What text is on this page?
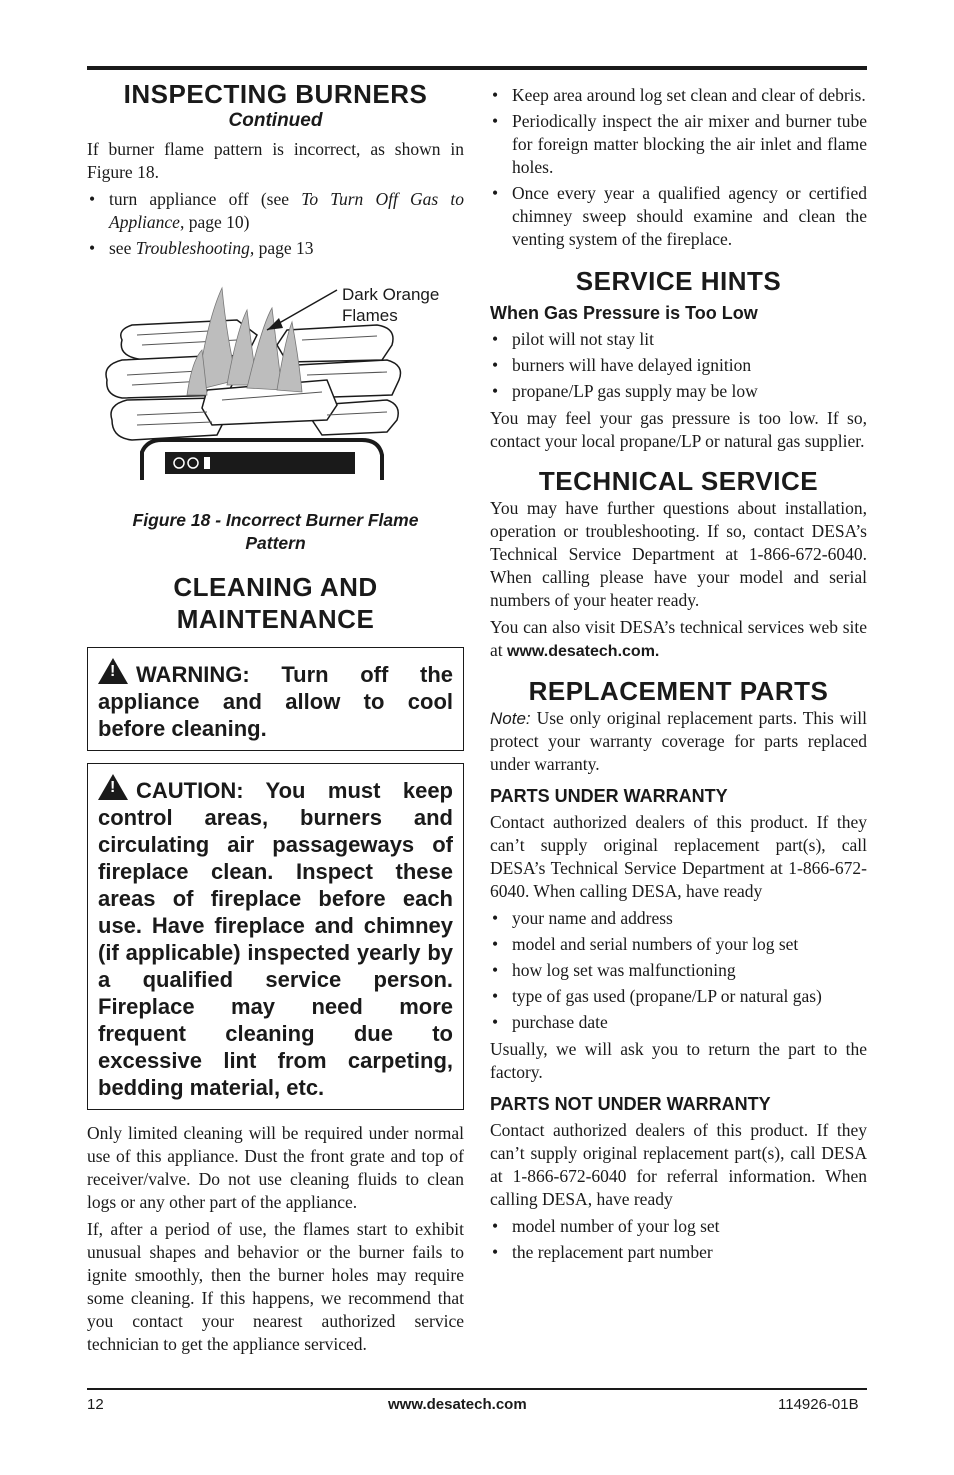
INSPECTING BURNERS
Continued

If burner flame pattern is incorrect, as shown in Figure 18.

• turn appliance off (see To Turn Off Gas to Appliance, page 10)
• see Troubleshooting, page 13
Dark Orange
Flames
Figure 18 - Incorrect Burner Flame Pattern
CLEANING AND
MAINTENANCE
! WARNING: Turn off the appliance and allow to cool before cleaning.
! CAUTION: You must keep control areas, burners and circulating air passageways of fireplace clean. Inspect these areas of fireplace before each use. Have fireplace and chimney (if applicable) inspected yearly by a qualified service person. Fireplace may need more frequent cleaning due to excessive lint from carpeting, bedding material, etc.

Only limited cleaning will be required under normal use of this appliance. Dust the front grate and top of receiver/valve. Do not use cleaning fluids to clean logs or any other part of the appliance.

If, after a period of use, the flames start to exhibit unusual shapes and behavior or the burner fails to ignite smoothly, then the burner holes may require some cleaning. If this happens, we recommend that you contact your nearest authorized service technician to get the appliance serviced.

• Keep area around log set clean and clear of debris.
• Periodically inspect the air mixer and burner tube for foreign matter blocking the air inlet and flame holes.
• Once every year a qualified agency or certified chimney sweep should examine and clean the venting system of the fireplace.
SERVICE HINTS
When Gas Pressure is Too Low
• pilot will not stay lit
• burners will have delayed ignition
• propane/LP gas supply may be low

You may feel your gas pressure is too low. If so, contact your local propane/LP or natural gas supplier.

TECHNICAL SERVICE

You may have further questions about installation, operation or troubleshooting. If so, contact DESA’s Technical Service Department at 1-866-672-6040. When calling please have your model and serial numbers of your heater ready.

You can also visit DESA’s technical services web site at www.desatech.com.

REPLACEMENT PARTS

Note: Use only original replacement parts. This will protect your warranty coverage for parts replaced under warranty.

PARTS UNDER WARRANTY

Contact authorized dealers of this product. If they can’t supply original replacement part(s), call DESA’s Technical Service Department at 1-866-672-6040. When calling DESA, have ready

• your name and address
• model and serial numbers of your log set
• how log set was malfunctioning
• type of gas used (propane/LP or natural gas)
• purchase date

Usually, we will ask you to return the part to the factory.

PARTS NOT UNDER WARRANTY

Contact authorized dealers of this product. If they can’t supply original replacement part(s), call DESA at 1-866-672-6040 for referral information. When calling DESA, have ready

• model number of your log set
• the replacement part number
12	www.desatech.com	114926-01B
